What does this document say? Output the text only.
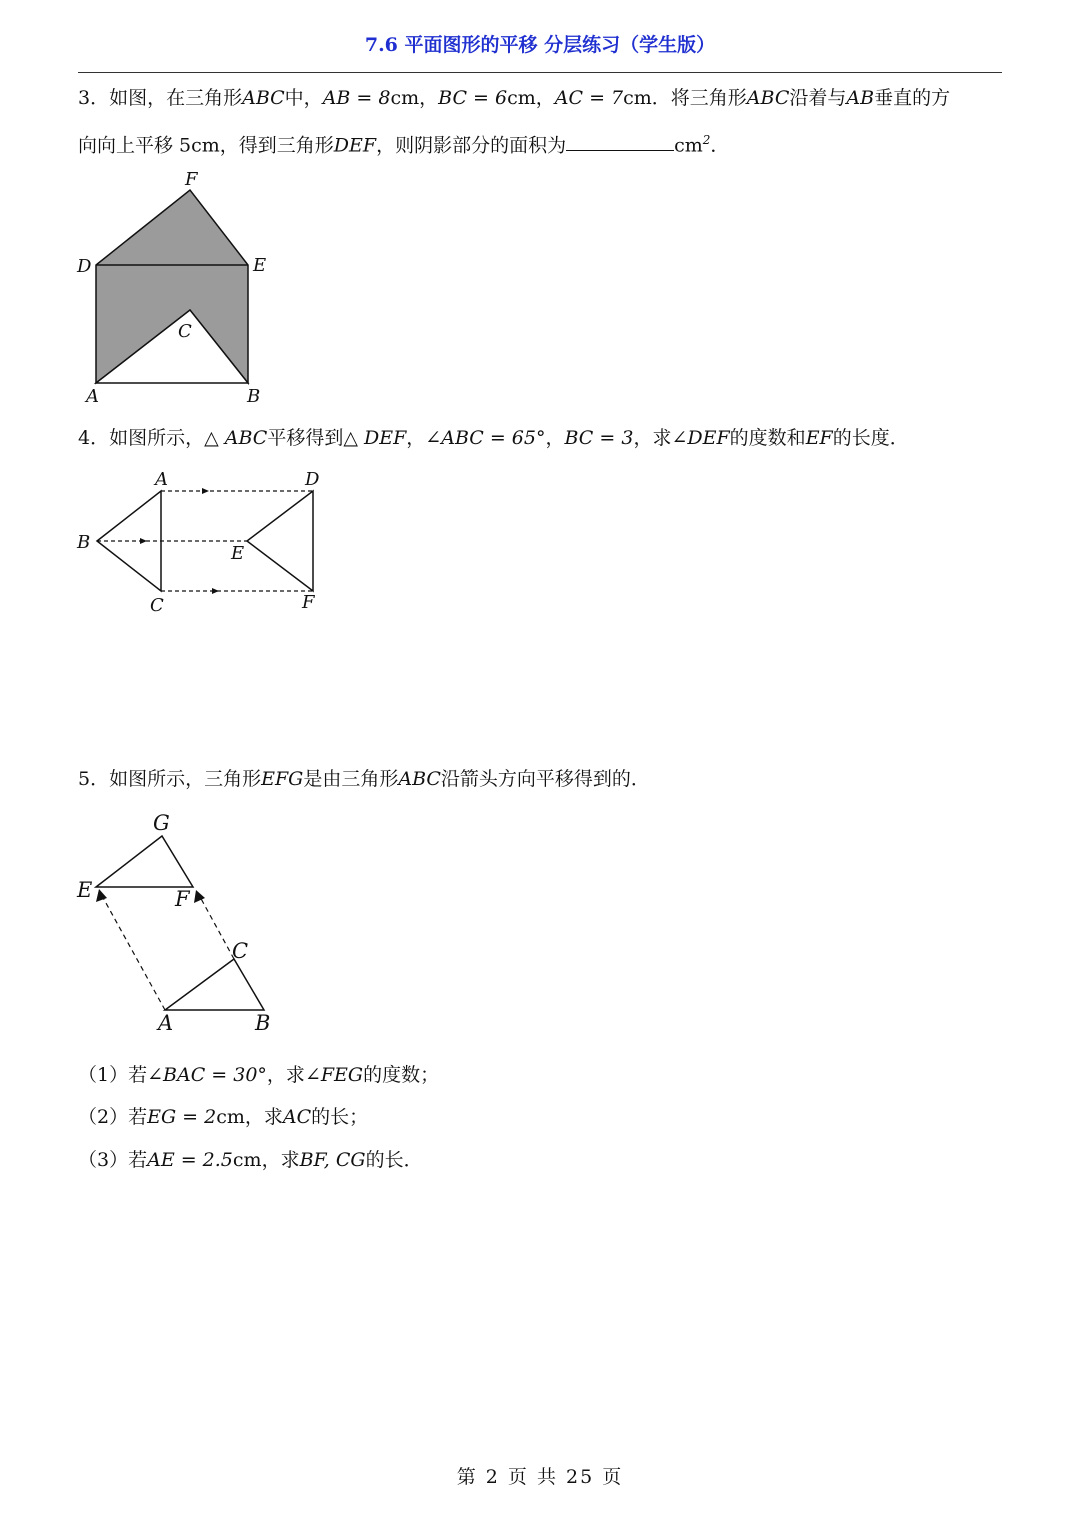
7.6 平面图形的平移 分层练习（学生版）
3．如图，在三角形ABC中，AB = 8cm，BC = 6cm，AC = 7cm．将三角形ABC沿着与AB垂直的方
向向上平移 5cm，得到三角形DEF，则阴影部分的面积为	$cm^2$．
F
D	E
C
A	B
4．如图所示，△ ABC平移得到△ DEF，∠ABC = 65°，BC = 3，求∠DEF的度数和EF的长度．
A
B
C
D
E
F
5．如图所示，三角形EFG是由三角形ABC沿箭头方向平移得到的．
G
E	F
C
A	B
（1）若∠BAC = 30°，求∠FEG的度数；
（2）若EG = 2cm，求AC的长；
（3）若AE = 2.5cm，求BF, CG的长．
第 2 页 共 25 页
